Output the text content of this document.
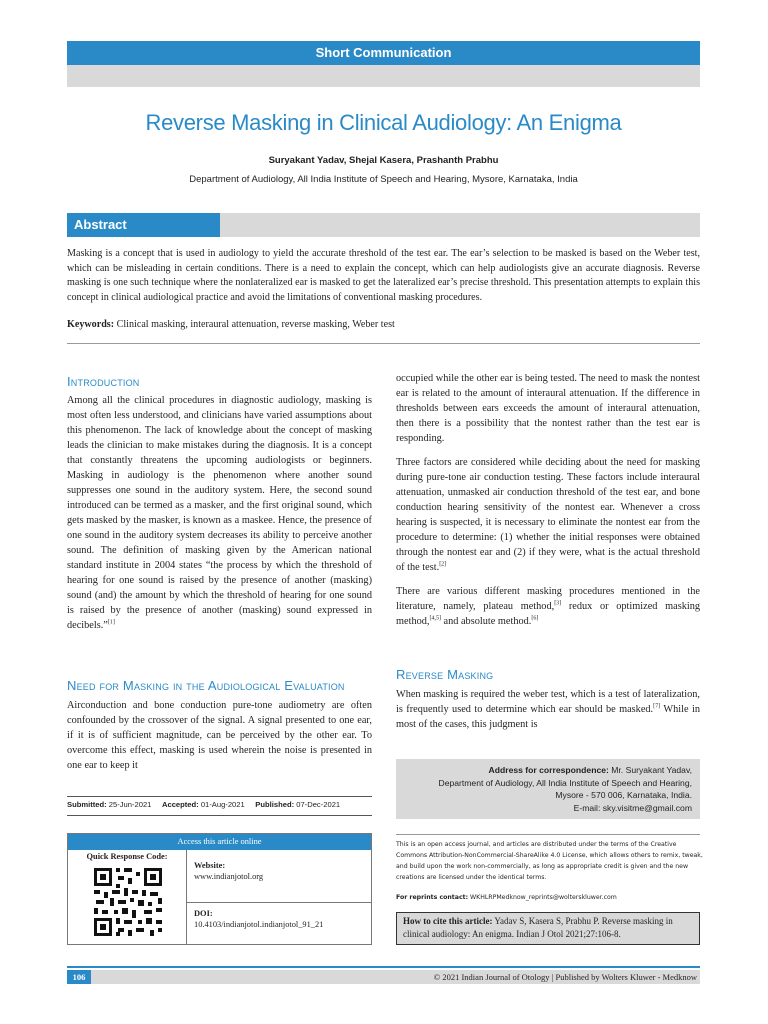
Short Communication
Reverse Masking in Clinical Audiology: An Enigma
Suryakant Yadav, Shejal Kasera, Prashanth Prabhu
Department of Audiology, All India Institute of Speech and Hearing, Mysore, Karnataka, India
Abstract
Masking is a concept that is used in audiology to yield the accurate threshold of the test ear. The ear’s selection to be masked is based on the Weber test, which can be misleading in certain conditions. There is a need to explain the concept, which can help audiologists give an accurate diagnosis. Reverse masking is one such technique where the nonlateralized ear is masked to get the lateralized ear’s precise threshold. This presentation attempts to explain this concept in clinical audiological practice and avoid the limitations of conventional masking procedures.
Keywords: Clinical masking, interaural attenuation, reverse masking, Weber test
Introduction

Among all the clinical procedures in diagnostic audiology, masking is most often less understood, and clinicians have varied assumptions about this phenomenon. The lack of knowledge about the concept of masking leads the clinician to make mistakes during the diagnosis. It is a concept that constantly threatens the upcoming audiologists or beginners. Masking in audiology is the phenomenon where another sound suppresses one sound in the auditory system. Here, the second sound introduced can be termed as a masker, and the first original sound, which gets masked by the masker, is known as a maskee. Hence, the presence of one sound in the auditory system decreases its ability to perceive another sound. The definition of masking given by the American national standard institute in 2004 states “the process by which the threshold of hearing for one sound is raised by the presence of another (masking) sound (and) the amount by which the threshold of hearing for one sound is raised by the presence of another (masking) sound expressed in decibels.”[1]

Need for Masking in the Audiological Evaluation

Airconduction and bone conduction pure-tone audiometry are often confounded by the crossover of the signal. A signal presented to one ear, if it is of sufficient magnitude, can be perceived by the other ear. To overcome this effect, masking is used wherein the noise is presented in one ear to keep it

occupied while the other ear is being tested. The need to mask the nontest ear is related to the amount of interaural attenuation. If the difference in thresholds between ears exceeds the amount of interaural attenuation, then there is a possibility that the nontest rather than the test ear is responding.

Three factors are considered while deciding about the need for masking during pure-tone air conduction testing. These factors include interaural attenuation, unmasked air conduction threshold of the test ear, and bone conduction hearing sensitivity of the nontest ear. Whenever a cross hearing is suspected, it is necessary to eliminate the nontest ear from the procedure to determine: (1) whether the initial responses were obtained through the nontest ear and (2) if they were, what is the actual threshold of the test.[2]

There are various different masking procedures mentioned in the literature, namely, plateau method,[3] redux or optimized masking method,[4,5] and absolute method.[6]

Reverse Masking

When masking is required the weber test, which is a test of lateralization, is frequently used to determine which ear should be masked.[7] While in most of the cases, this judgment is

Address for correspondence: Mr. Suryakant Yadav,
Department of Audiology, All India Institute of Speech and Hearing,
Mysore - 570 006, Karnataka, India.
E-mail: sky.visitme@gmail.com
Submitted: 25-Jun-2021 Accepted: 01-Aug-2021 Published: 07-Dec-2021
Access this article online
Quick Response Code:
Website:
www.indianjotol.org
DOI:
10.4103/indianjotol.indianjotol_91_21
This is an open access journal, and articles are distributed under the terms of the Creative Commons Attribution-NonCommercial-ShareAlike 4.0 License, which allows others to remix, tweak, and build upon the work non-commercially, as long as appropriate credit is given and the new creations are licensed under the identical terms.
For reprints contact: WKHLRPMedknow_reprints@wolterskluwer.com
How to cite this article: Yadav S, Kasera S, Prabhu P. Reverse masking in clinical audiology: An enigma. Indian J Otol 2021;27:106-8.
106	© 2021 Indian Journal of Otology | Published by Wolters Kluwer - Medknow
